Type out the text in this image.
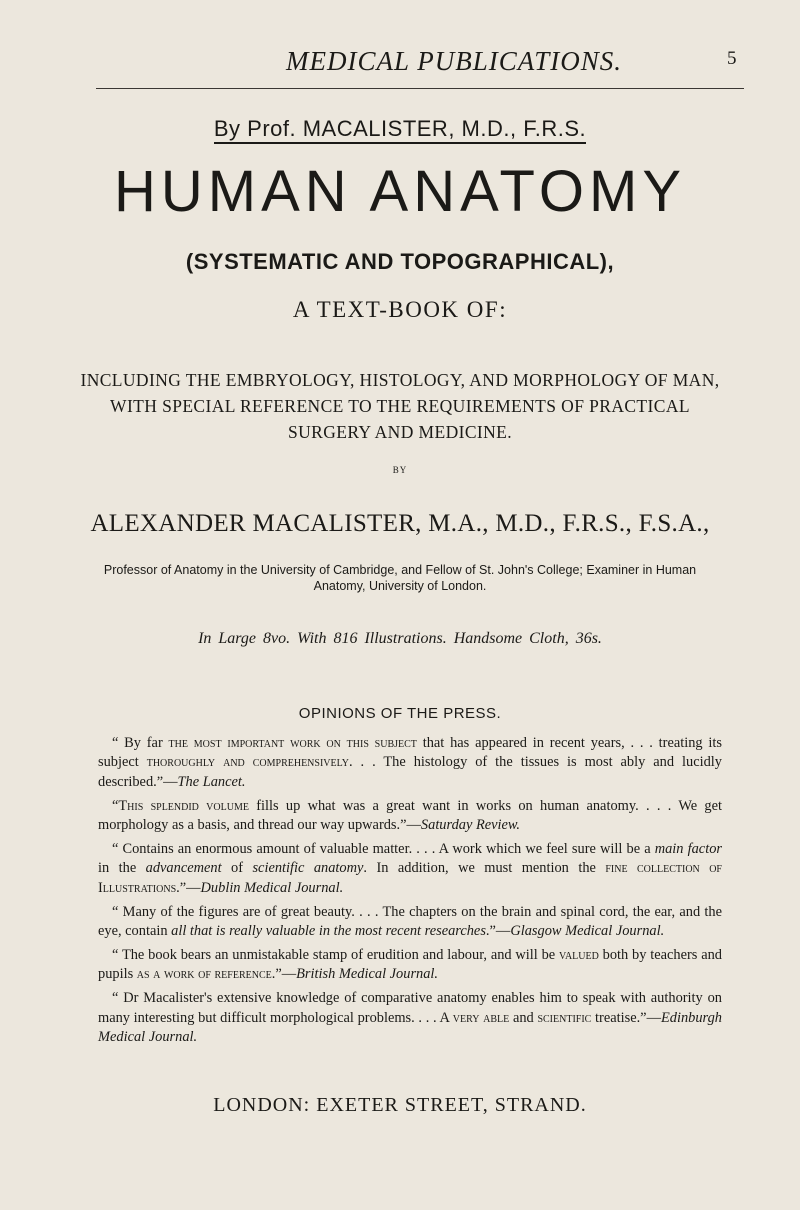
MEDICAL PUBLICATIONS.	5
By Prof. MACALISTER, M.D., F.R.S.
HUMAN ANATOMY
(SYSTEMATIC AND TOPOGRAPHICAL),
A TEXT-BOOK OF:
INCLUDING THE EMBRYOLOGY, HISTOLOGY, AND MORPHOLOGY OF MAN, WITH SPECIAL REFERENCE TO THE REQUIREMENTS OF PRACTICAL SURGERY AND MEDICINE.
BY
ALEXANDER MACALISTER, M.A., M.D., F.R.S., F.S.A.,
Professor of Anatomy in the University of Cambridge, and Fellow of St. John's College; Examiner in Human Anatomy, University of London.
In Large 8vo. With 816 Illustrations. Handsome Cloth, 36s.
OPINIONS OF THE PRESS.

“ By far the most important work on this subject that has appeared in recent years, . . . treating its subject thoroughly and comprehensively. . . The histology of the tissues is most ably and lucidly described.”—The Lancet.

“This splendid volume fills up what was a great want in works on human anatomy. . . . We get morphology as a basis, and thread our way upwards.”—Saturday Review.

“ Contains an enormous amount of valuable matter. . . . A work which we feel sure will be a main factor in the advancement of scientific anatomy. In addition, we must mention the fine collection of Illustrations.”—Dublin Medical Journal.

“ Many of the figures are of great beauty. . . . The chapters on the brain and spinal cord, the ear, and the eye, contain all that is really valuable in the most recent researches.”—Glasgow Medical Journal.

“ The book bears an unmistakable stamp of erudition and labour, and will be valued both by teachers and pupils as a work of reference.”—British Medical Journal.

“ Dr Macalister's extensive knowledge of comparative anatomy enables him to speak with authority on many interesting but difficult morphological problems. . . . A very able and scientific treatise.”—Edinburgh Medical Journal.

LONDON: EXETER STREET, STRAND.
